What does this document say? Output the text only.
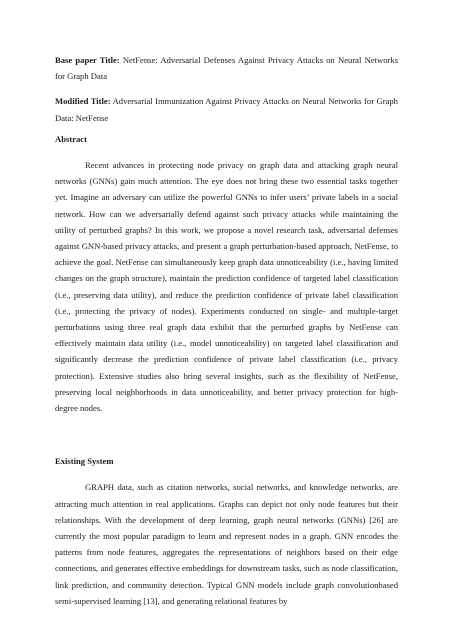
Base paper Title: NetFense: Adversarial Defenses Against Privacy Attacks on Neural Networks for Graph Data

Modified Title: Adversarial Immunization Against Privacy Attacks on Neural Networks for Graph Data: NetFense

Abstract

Recent advances in protecting node privacy on graph data and attacking graph neural networks (GNNs) gain much attention. The eye does not bring these two essential tasks together yet. Imagine an adversary can utilize the powerful GNNs to infer users’ private labels in a social network. How can we adversarially defend against such privacy attacks while maintaining the utility of perturbed graphs? In this work, we propose a novel research task, adversarial defenses against GNN-based privacy attacks, and present a graph perturbation-based approach, NetFense, to achieve the goal. NetFense can simultaneously keep graph data unnoticeability (i.e., having limited changes on the graph structure), maintain the prediction confidence of targeted label classification (i.e., preserving data utility), and reduce the prediction confidence of private label classification (i.e., protecting the privacy of nodes). Experiments conducted on single- and multiple-target perturbations using three real graph data exhibit that the perturbed graphs by NetFense can effectively maintain data utility (i.e., model unnoticeability) on targeted label classification and significantly decrease the prediction confidence of private label classification (i.e., privacy protection). Extensive studies also bring several insights, such as the flexibility of NetFense, preserving local neighborhoods in data unnoticeability, and better privacy protection for high-degree nodes.

Existing System

GRAPH data, such as citation networks, social networks, and knowledge networks, are attracting much attention in real applications. Graphs can depict not only node features but their relationships. With the development of deep learning, graph neural networks (GNNs) [26] are currently the most popular paradigm to learn and represent nodes in a graph. GNN encodes the patterns from node features, aggregates the representations of neighbors based on their edge connections, and generates effective embeddings for downstream tasks, such as node classification, link prediction, and community detection. Typical GNN models include graph convolutionbased semi-supervised learning [13], and generating relational features by
